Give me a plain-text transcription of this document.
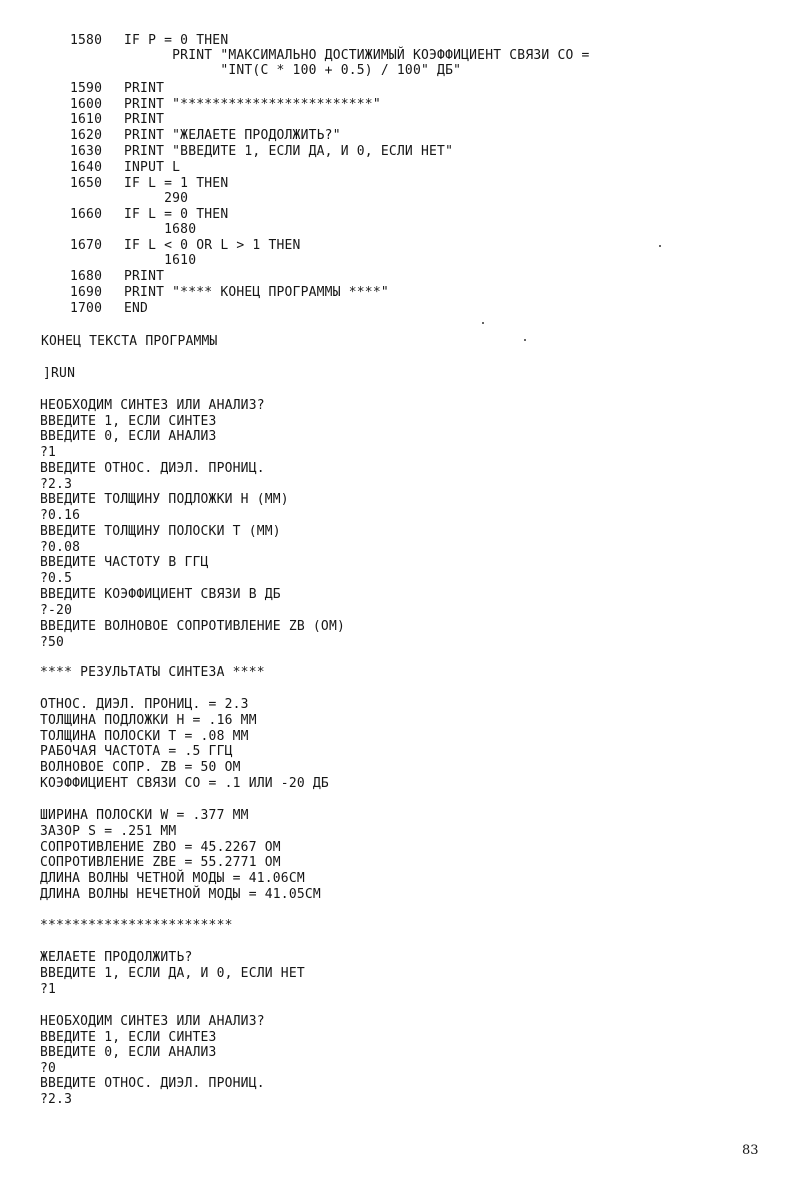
1580	IF P = 0 THEN
PRINT "МАКСИМАЛЬНО ДОСТИЖИМЫЙ КОЭФФИЦИЕНТ СВЯЗИ CO =
"INT(C * 100 + 0.5) / 100" ДБ"
1590	PRINT
1600	PRINT "************************"
1610	PRINT
1620	PRINT "ЖЕЛАЕТЕ ПРОДОЛЖИТЬ?"
1630	PRINT "ВВЕДИТЕ 1, ЕСЛИ ДА, И 0, ЕСЛИ НЕТ"
1640	INPUT L
1650	IF L = 1 THEN
290
1660	IF L = 0 THEN
1680
1670	IF L < 0 OR L > 1 THEN
1610
1680	PRINT
1690	PRINT "**** КОНЕЦ ПРОГРАММЫ ****"
1700	END
КОНЕЦ ТЕКСТА ПРОГРАММЫ
]RUN
НЕОБХОДИМ СИНТЕЗ ИЛИ АНАЛИЗ?
ВВЕДИТЕ 1, ЕСЛИ СИНТЕЗ
ВВЕДИТЕ 0, ЕСЛИ АНАЛИЗ
?1
ВВЕДИТЕ ОТНОС. ДИЭЛ. ПРОНИЦ.
?2.3
ВВЕДИТЕ ТОЛЩИНУ ПОДЛОЖКИ H (MM)
?0.16
ВВЕДИТЕ ТОЛЩИНУ ПОЛОСКИ T (MM)
?0.08
ВВЕДИТЕ ЧАСТОТУ В ГГЦ
?0.5
ВВЕДИТЕ КОЭФФИЦИЕНТ СВЯЗИ В ДБ
?-20
ВВЕДИТЕ ВОЛНОВОЕ СОПРОТИВЛЕНИЕ ZB (OM)
?50
**** РЕЗУЛЬТАТЫ СИНТЕЗА ****
ОТНОС. ДИЭЛ. ПРОНИЦ. = 2.3
ТОЛЩИНА ПОДЛОЖКИ H = .16 MM
ТОЛЩИНА ПОЛОСКИ T = .08 MM
РАБОЧАЯ ЧАСТОТА = .5 ГГЦ
ВОЛНОВОЕ СОПР. ZB = 50 OM
КОЭФФИЦИЕНТ СВЯЗИ CO = .1 ИЛИ -20 ДБ
ШИРИНА ПОЛОСКИ W = .377 MM
ЗАЗОР S = .251 MM
СОПРОТИВЛЕНИЕ ZBO = 45.2267 OM
СОПРОТИВЛЕНИЕ ZBE = 55.2771 OM
ДЛИНА ВОЛНЫ ЧЕТНОЙ МОДЫ = 41.06CM
ДЛИНА ВОЛНЫ НЕЧЕТНОЙ МОДЫ = 41.05CM
************************
ЖЕЛАЕТЕ ПРОДОЛЖИТЬ?
ВВЕДИТЕ 1, ЕСЛИ ДА, И 0, ЕСЛИ НЕТ
?1
НЕОБХОДИМ СИНТЕЗ ИЛИ АНАЛИЗ?
ВВЕДИТЕ 1, ЕСЛИ СИНТЕЗ
ВВЕДИТЕ 0, ЕСЛИ АНАЛИЗ
?0
ВВЕДИТЕ ОТНОС. ДИЭЛ. ПРОНИЦ.
?2.3
83
